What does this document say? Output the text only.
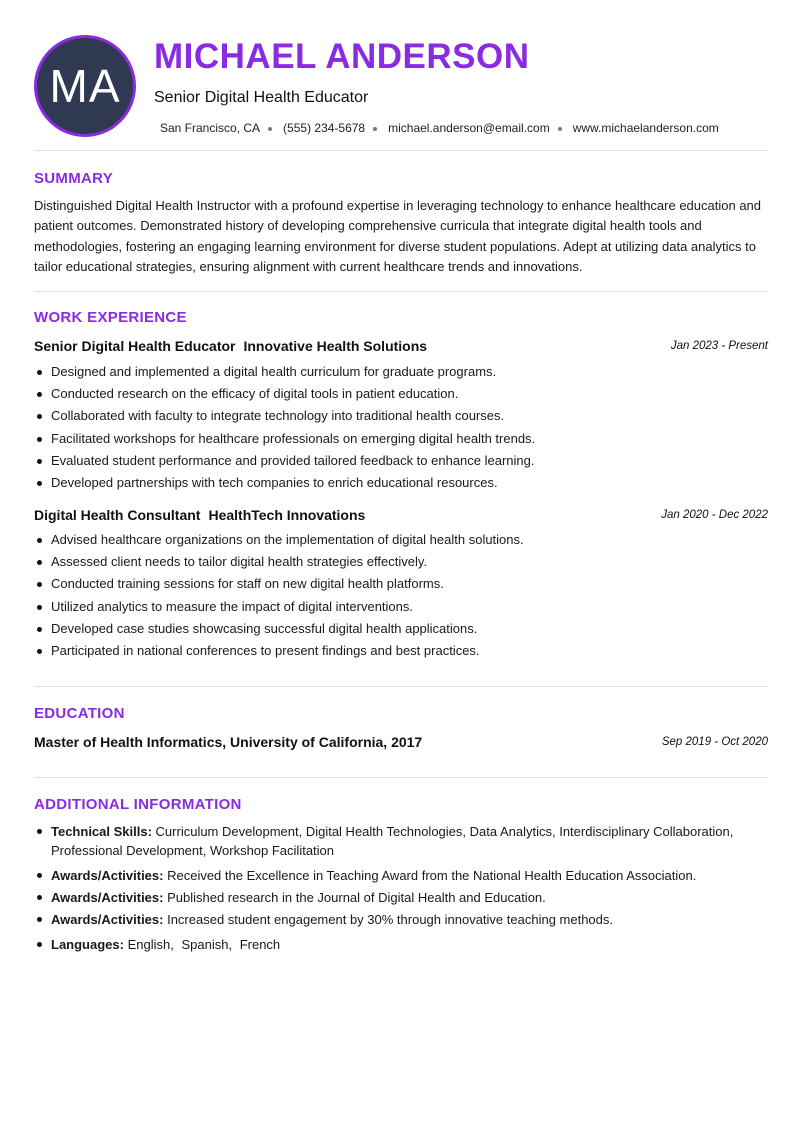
MA
MICHAEL ANDERSON
Senior Digital Health Educator
San Francisco, CA (555) 234-5678 michael.anderson@email.com www.michaelanderson.com
SUMMARY
Distinguished Digital Health Instructor with a profound expertise in leveraging technology to enhance healthcare education and patient outcomes. Demonstrated history of developing comprehensive curricula that integrate digital health tools and methodologies, fostering an engaging learning environment for diverse student populations. Adept at utilizing data analytics to tailor educational strategies, ensuring alignment with current healthcare trends and innovations.
WORK EXPERIENCE
Senior Digital Health Educator Innovative Health Solutions	Jan 2023 - Present
Designed and implemented a digital health curriculum for graduate programs.
Conducted research on the efficacy of digital tools in patient education.
Collaborated with faculty to integrate technology into traditional health courses.
Facilitated workshops for healthcare professionals on emerging digital health trends.
Evaluated student performance and provided tailored feedback to enhance learning.
Developed partnerships with tech companies to enrich educational resources.
Digital Health Consultant HealthTech Innovations	Jan 2020 - Dec 2022
Advised healthcare organizations on the implementation of digital health solutions.
Assessed client needs to tailor digital health strategies effectively.
Conducted training sessions for staff on new digital health platforms.
Utilized analytics to measure the impact of digital interventions.
Developed case studies showcasing successful digital health applications.
Participated in national conferences to present findings and best practices.
EDUCATION
Master of Health Informatics, University of California, 2017	Sep 2019 - Oct 2020
ADDITIONAL INFORMATION
Technical Skills: Curriculum Development, Digital Health Technologies, Data Analytics, Interdisciplinary Collaboration, Professional Development, Workshop Facilitation
Awards/Activities: Received the Excellence in Teaching Award from the National Health Education Association.
Awards/Activities: Published research in the Journal of Digital Health and Education.
Awards/Activities: Increased student engagement by 30% through innovative teaching methods.
Languages: English, Spanish, French
